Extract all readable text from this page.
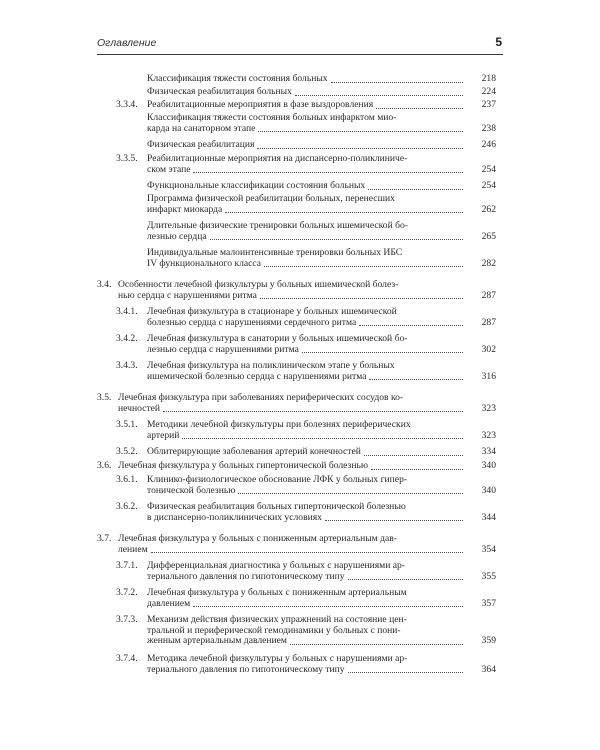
Оглавление	5
Классификация тяжести состояния больных	218
Физическая реабилитация больных	224
3.3.4. Реабилитационные мероприятия в фазе выздоровления	237
Классификация тяжести состояния больных инфарктом мио-
карда на санаторном этапе	238
Физическая реабилитация	246
3.3.5. Реабилитационные мероприятия на диспансерно-поликлиниче-
ском этапе	254
Функциональные классификации состояния больных	254
Программа физической реабилитации больных, перенесших
инфаркт миокарда	262
Длительные физические тренировки больных ишемической бо-
лезнью сердца	265
Индивидуальные малоинтенсивные тренировки больных ИБС
IV функционального класса	282
3.4. Особенности лечебной физкультуры у больных ишемической болез-
нью сердца с нарушениями ритма	287
3.4.1. Лечебная физкультура в стационаре у больных ишемической
болезнью сердца с нарушениями сердечного ритма	287
3.4.2. Лечебная физкультура в санатории у больных ишемической бо-
лезнью сердца с нарушениями ритма	302
3.4.3. Лечебная физкультура на поликлиническом этапе у больных
ишемической болезнью сердца с нарушениями ритма	316
3.5. Лечебная физкультура при заболеваниях периферических сосудов ко-
нечностей	323
3.5.1. Методики лечебной физкультуры при болезнях периферических
артерий	323
3.5.2. Облитерирующие заболевания артерий конечностей	334
3.6. Лечебная физкультура у больных гипертонической болезнью	340
3.6.1. Клинико-физиологическое обоснование ЛФК у больных гипер-
тонической болезнью	340
3.6.2. Физическая реабилитация больных гипертонической болезнью
в диспансерно-поликлинических условиях	344
3.7. Лечебная физкультура у больных с пониженным артериальным дав-
лением	354
3.7.1. Дифференциальная диагностика у больных с нарушениями ар-
териального давления по гипотоническому типу	355
3.7.2. Лечебная физкультура у больных с пониженным артериальным
давлением	357
3.7.3. Механизм действия физических упражнений на состояние цен-
тральной и периферической гемодинамики у больных с пони-
женным артериальным давлением	359
3.7.4. Методика лечебной физкультуры у больных с нарушениями ар-
териального давления по гипотоническому типу	364
